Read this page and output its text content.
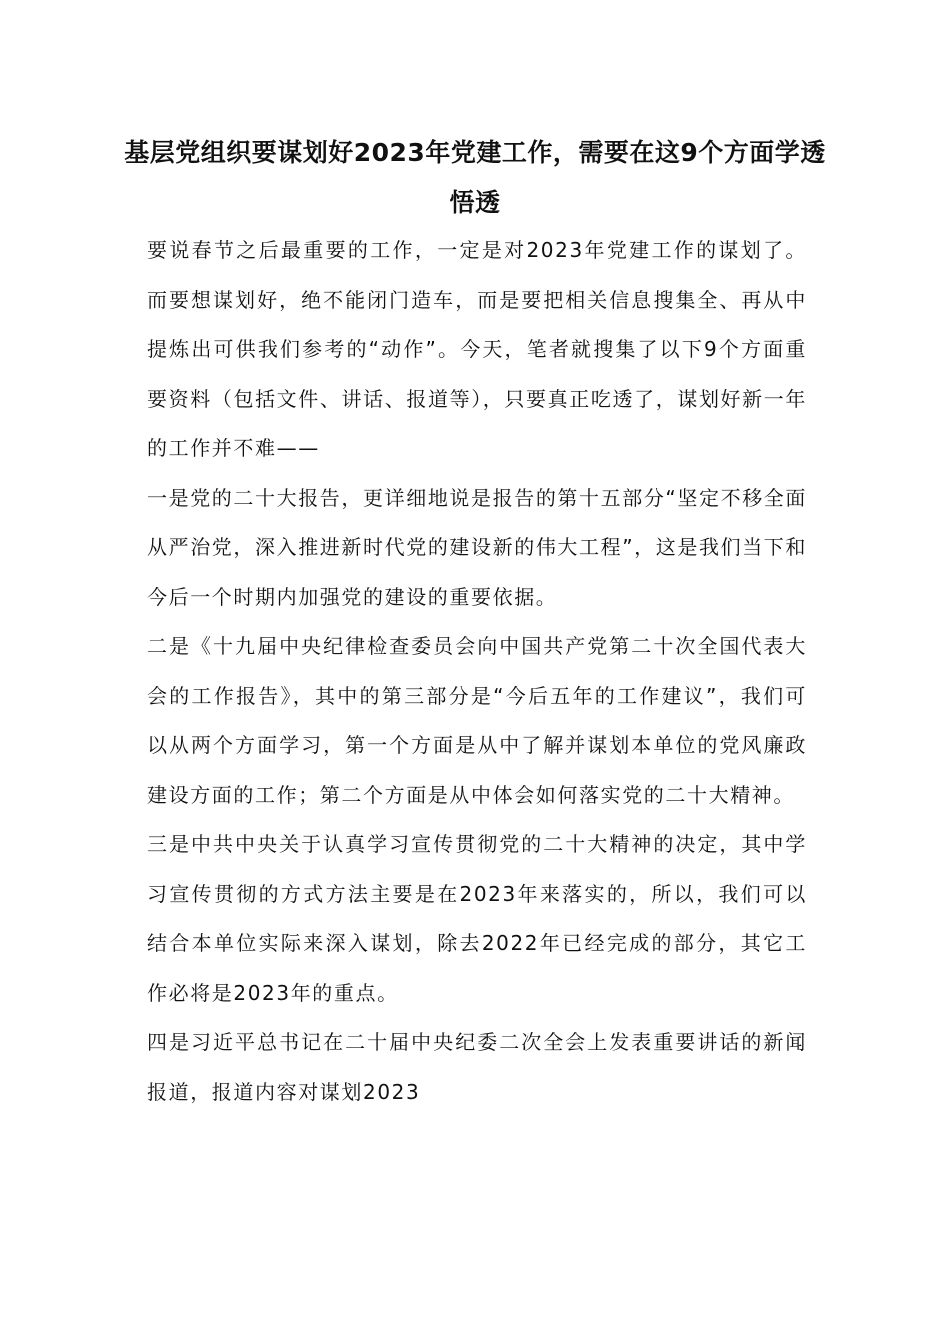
基层党组织要谋划好2023年党建工作，需要在这9个方面学透悟透

要说春节之后最重要的工作，一定是对2023年党建工作的谋划了。而要想谋划好，绝不能闭门造车，而是要把相关信息搜集全、再从中提炼出可供我们参考的“动作”。今天，笔者就搜集了以下9个方面重要资料（包括文件、讲话、报道等），只要真正吃透了，谋划好新一年的工作并不难——

一是党的二十大报告，更详细地说是报告的第十五部分“坚定不移全面从严治党，深入推进新时代党的建设新的伟大工程”，这是我们当下和今后一个时期内加强党的建设的重要依据。

二是《十九届中央纪律检查委员会向中国共产党第二十次全国代表大会的工作报告》，其中的第三部分是“今后五年的工作建议”，我们可以从两个方面学习，第一个方面是从中了解并谋划本单位的党风廉政建设方面的工作；第二个方面是从中体会如何落实党的二十大精神。

三是中共中央关于认真学习宣传贯彻党的二十大精神的决定，其中学习宣传贯彻的方式方法主要是在2023年来落实的，所以，我们可以结合本单位实际来深入谋划，除去2022年已经完成的部分，其它工作必将是2023年的重点。

四是习近平总书记在二十届中央纪委二次全会上发表重要讲话的新闻报道，报道内容对谋划2023
